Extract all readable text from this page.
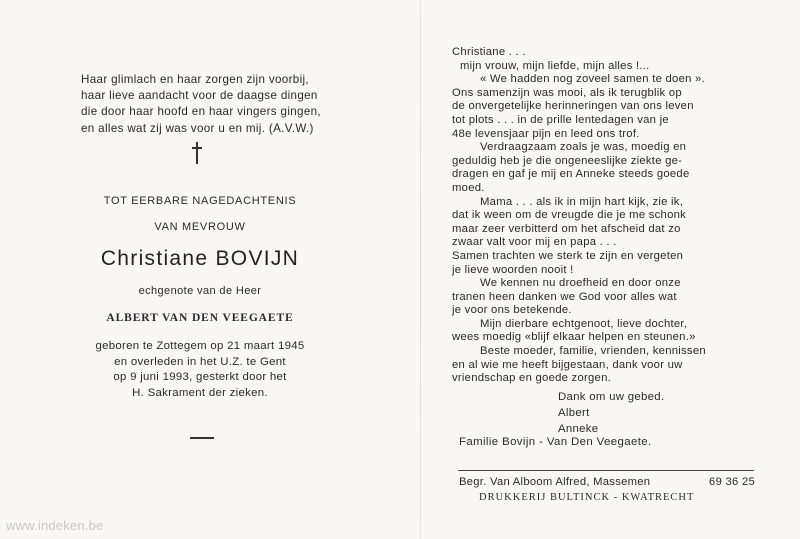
Haar glimlach en haar zorgen zijn voorbij,
haar lieve aandacht voor de daagse dingen
die door haar hoofd en haar vingers gingen,
en alles wat zij was voor u en mij. (A.V.W.)
TOT EERBARE NAGEDACHTENIS
VAN MEVROUW
Christiane BOVIJN
echgenote van de Heer
ALBERT VAN DEN VEEGAETE
geboren te Zottegem op 21 maart 1945
en overleden in het U.Z. te Gent
op 9 juni 1993, gesterkt door het
H. Sakrament der zieken.
Christiane . . .
mijn vrouw, mijn liefde, mijn alles !...
« We hadden nog zoveel samen te doen ».
Ons samenzijn was mooi, als ik terugblik op
de onvergetelijke herinneringen van ons leven
tot plots . . . in de prille lentedagen van je
48e levensjaar pijn en leed ons trof.
Verdraagzaam zoals je was, moedig en
geduldig heb je die ongeneeslijke ziekte ge-
dragen en gaf je mij en Anneke steeds goede
moed.
Mama . . . als ik in mijn hart kijk, zie ik,
dat ik ween om de vreugde die je me schonk
maar zeer verbitterd om het afscheid dat zo
zwaar valt voor mij en papa . . .
Samen trachten we sterk te zijn en vergeten
je lieve woorden nooit !
We kennen nu droefheid en door onze
tranen heen danken we God voor alles wat
je voor ons betekende.
Mijn dierbare echtgenoot, lieve dochter,
wees moedig «blijf elkaar helpen en steunen.»
Beste moeder, familie, vrienden, kennissen
en al wie me heeft bijgestaan, dank voor uw
vriendschap en goede zorgen.
Dank om uw gebed.
Albert
Anneke
Familie Bovijn - Van Den Veegaete.
Begr. Van Alboom Alfred, Massemen	69 36 25
DRUKKERIJ BULTINCK - KWATRECHT
www.indeken.be
